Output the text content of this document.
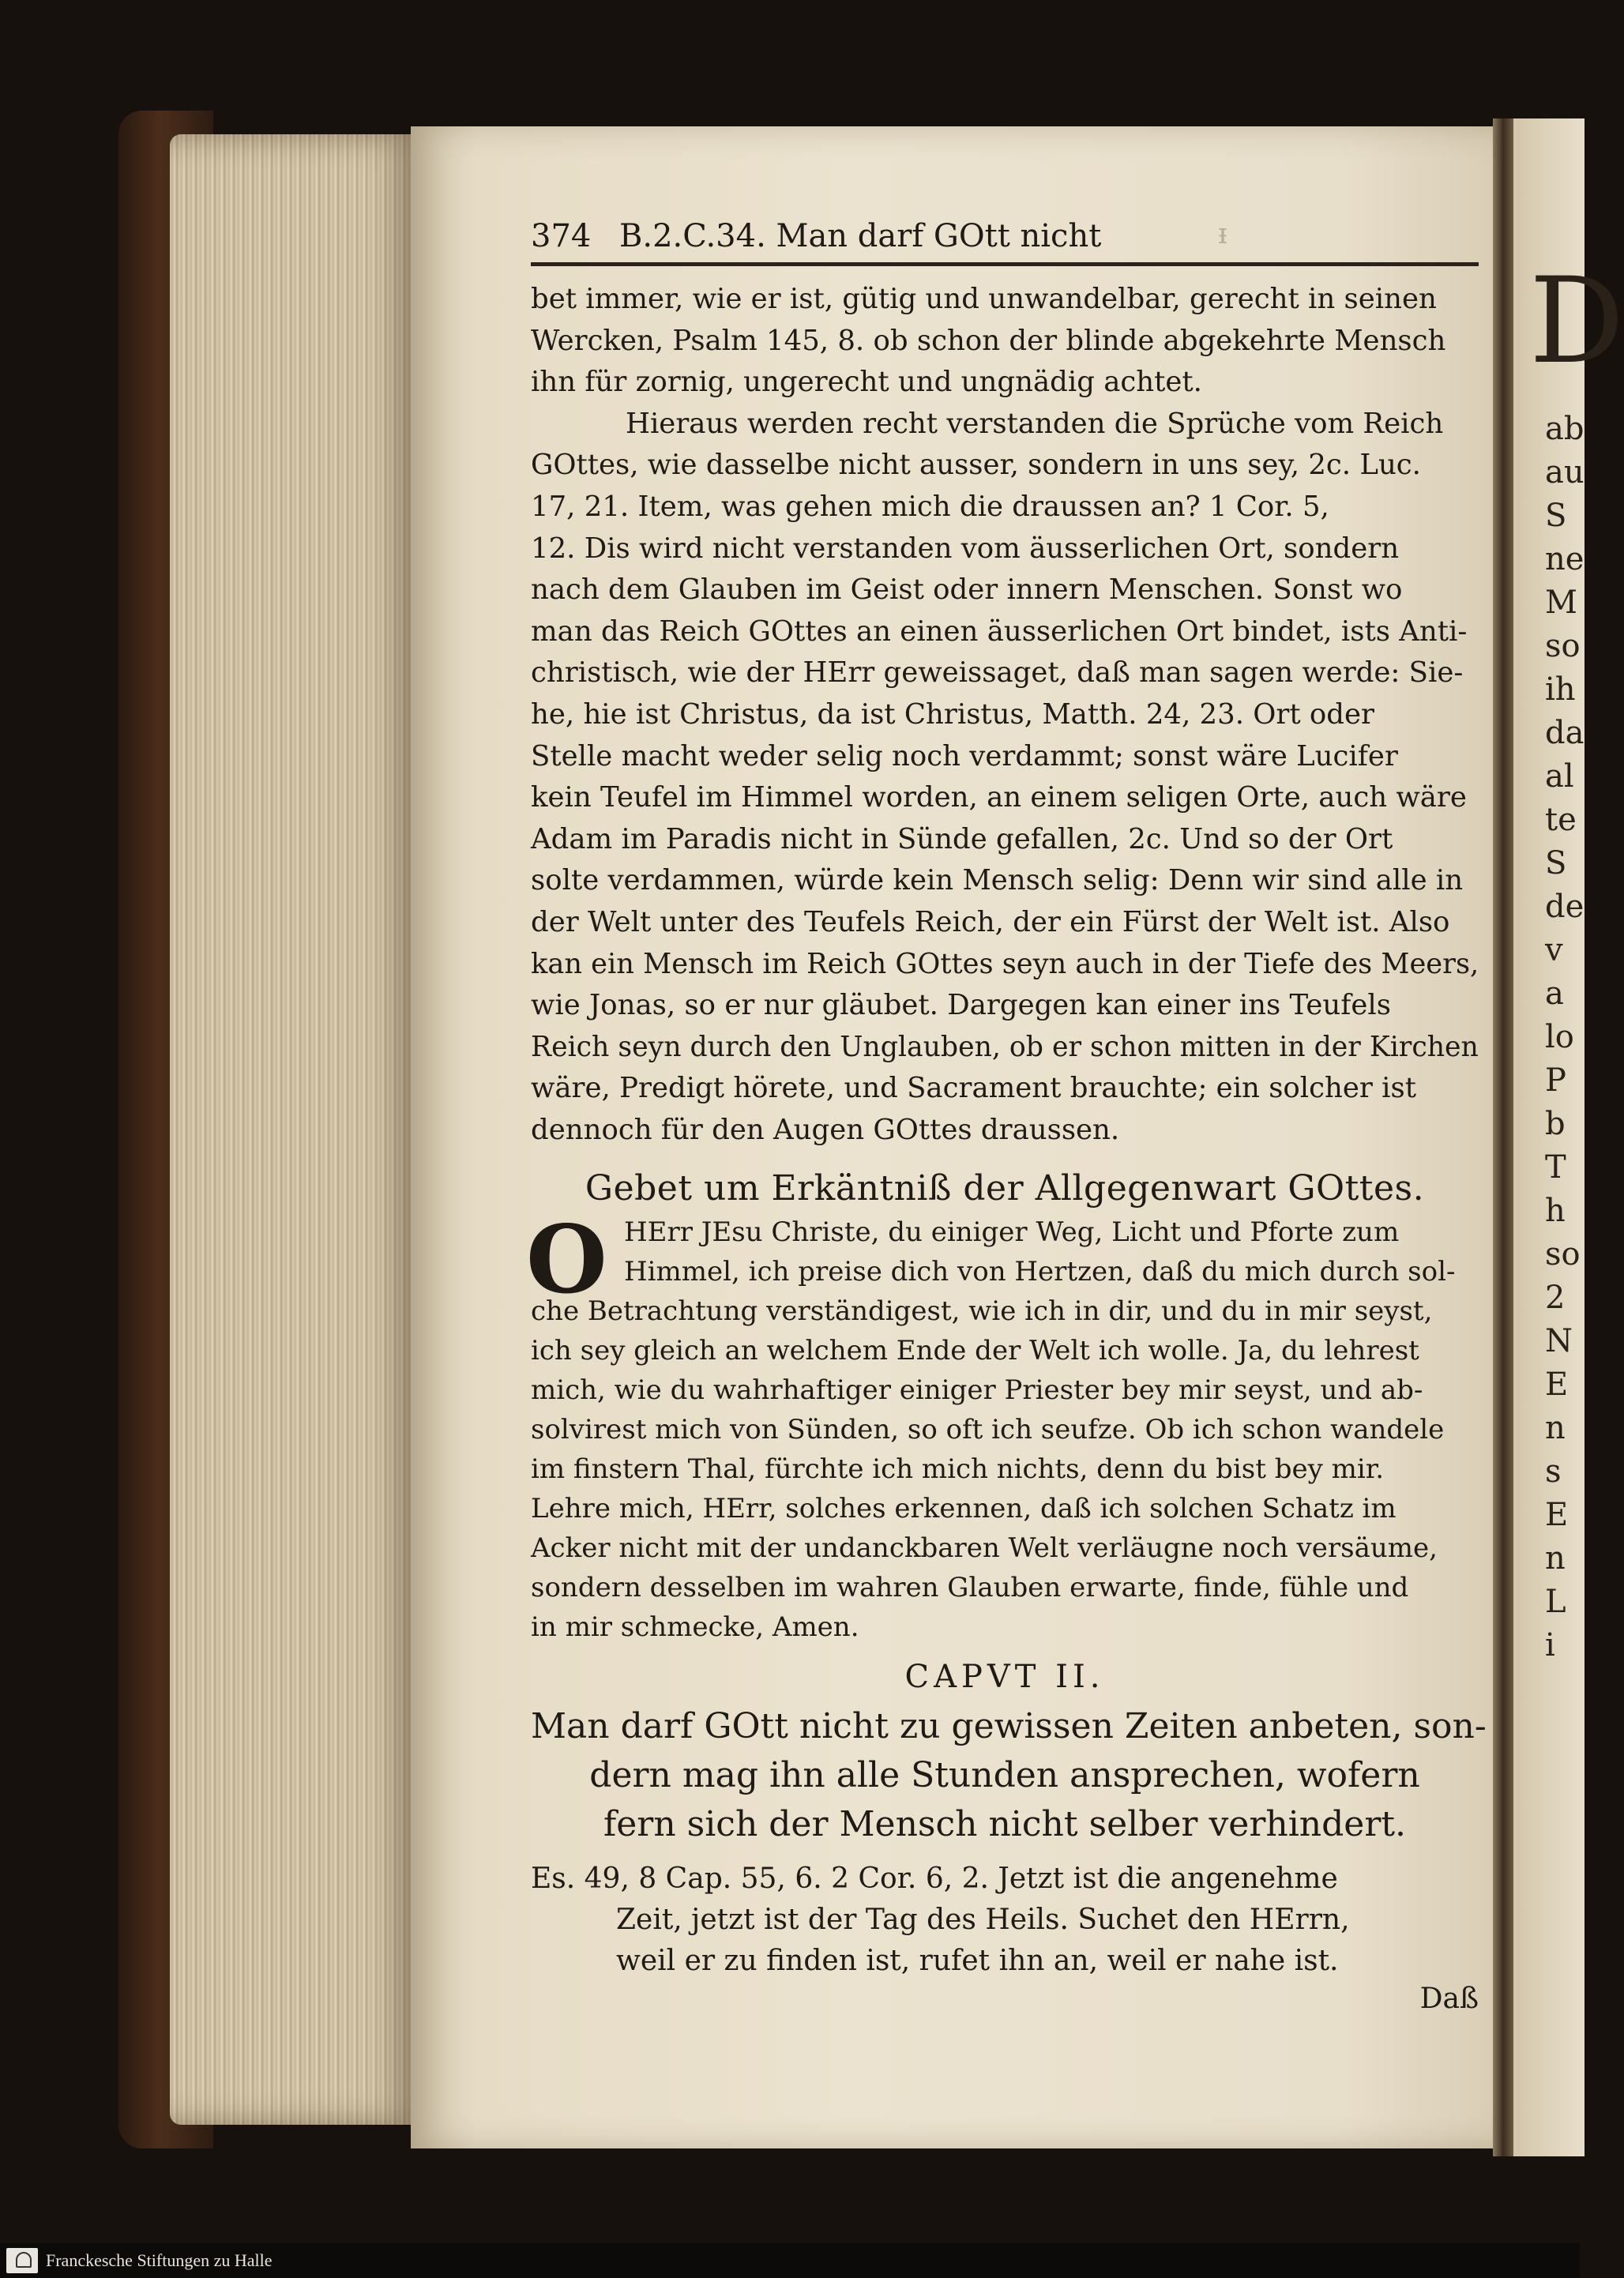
D
ab
au
S
ne
M
so
ih
da
al
te
S
de
v
a
lo
P
b
T
h
so
2
N
E
n
s
E
n
L
i
374 B.2.C.34. Man darf GOtt nicht	ᵻ
bet immer, wie er ist, gütig und unwandelbar, gerecht in seinen
Wercken, Psalm 145, 8. ob schon der blinde abgekehrte Mensch
ihn für zornig, ungerecht und ungnädig achtet.
Hieraus werden recht verstanden die Sprüche vom Reich
GOttes, wie dasselbe nicht ausser, sondern in uns sey, 2c. Luc.
17, 21. Item, was gehen mich die draussen an? 1 Cor. 5,
12. Dis wird nicht verstanden vom äusserlichen Ort, sondern
nach dem Glauben im Geist oder innern Menschen. Sonst wo
man das Reich GOttes an einen äusserlichen Ort bindet, ists Anti-
christisch, wie der HErr geweissaget, daß man sagen werde: Sie-
he, hie ist Christus, da ist Christus, Matth. 24, 23. Ort oder
Stelle macht weder selig noch verdammt; sonst wäre Lucifer
kein Teufel im Himmel worden, an einem seligen Orte, auch wäre
Adam im Paradis nicht in Sünde gefallen, 2c. Und so der Ort
solte verdammen, würde kein Mensch selig: Denn wir sind alle in
der Welt unter des Teufels Reich, der ein Fürst der Welt ist. Also
kan ein Mensch im Reich GOttes seyn auch in der Tiefe des Meers,
wie Jonas, so er nur gläubet. Dargegen kan einer ins Teufels
Reich seyn durch den Unglauben, ob er schon mitten in der Kirchen
wäre, Predigt hörete, und Sacrament brauchte; ein solcher ist
dennoch für den Augen GOttes draussen.
Gebet um Erkäntniß der Allgegenwart GOttes.
O HErr JEsu Christe, du einiger Weg, Licht und Pforte zum
Himmel, ich preise dich von Hertzen, daß du mich durch sol-
che Betrachtung verständigest, wie ich in dir, und du in mir seyst,
ich sey gleich an welchem Ende der Welt ich wolle. Ja, du lehrest
mich, wie du wahrhaftiger einiger Priester bey mir seyst, und ab-
solvirest mich von Sünden, so oft ich seufze. Ob ich schon wandele
im finstern Thal, fürchte ich mich nichts, denn du bist bey mir.
Lehre mich, HErr, solches erkennen, daß ich solchen Schatz im
Acker nicht mit der undanckbaren Welt verläugne noch versäume,
sondern desselben im wahren Glauben erwarte, finde, fühle und
in mir schmecke, Amen.
CAPVT II.
Man darf GOtt nicht zu gewissen Zeiten anbeten, son-
dern mag ihn alle Stunden ansprechen, wofern
fern sich der Mensch nicht selber verhindert.
Es. 49, 8 Cap. 55, 6. 2 Cor. 6, 2. Jetzt ist die angenehme
Zeit, jetzt ist der Tag des Heils. Suchet den HErrn,
weil er zu finden ist, rufet ihn an, weil er nahe ist.
Daß
Franckesche Stiftungen zu Halle
